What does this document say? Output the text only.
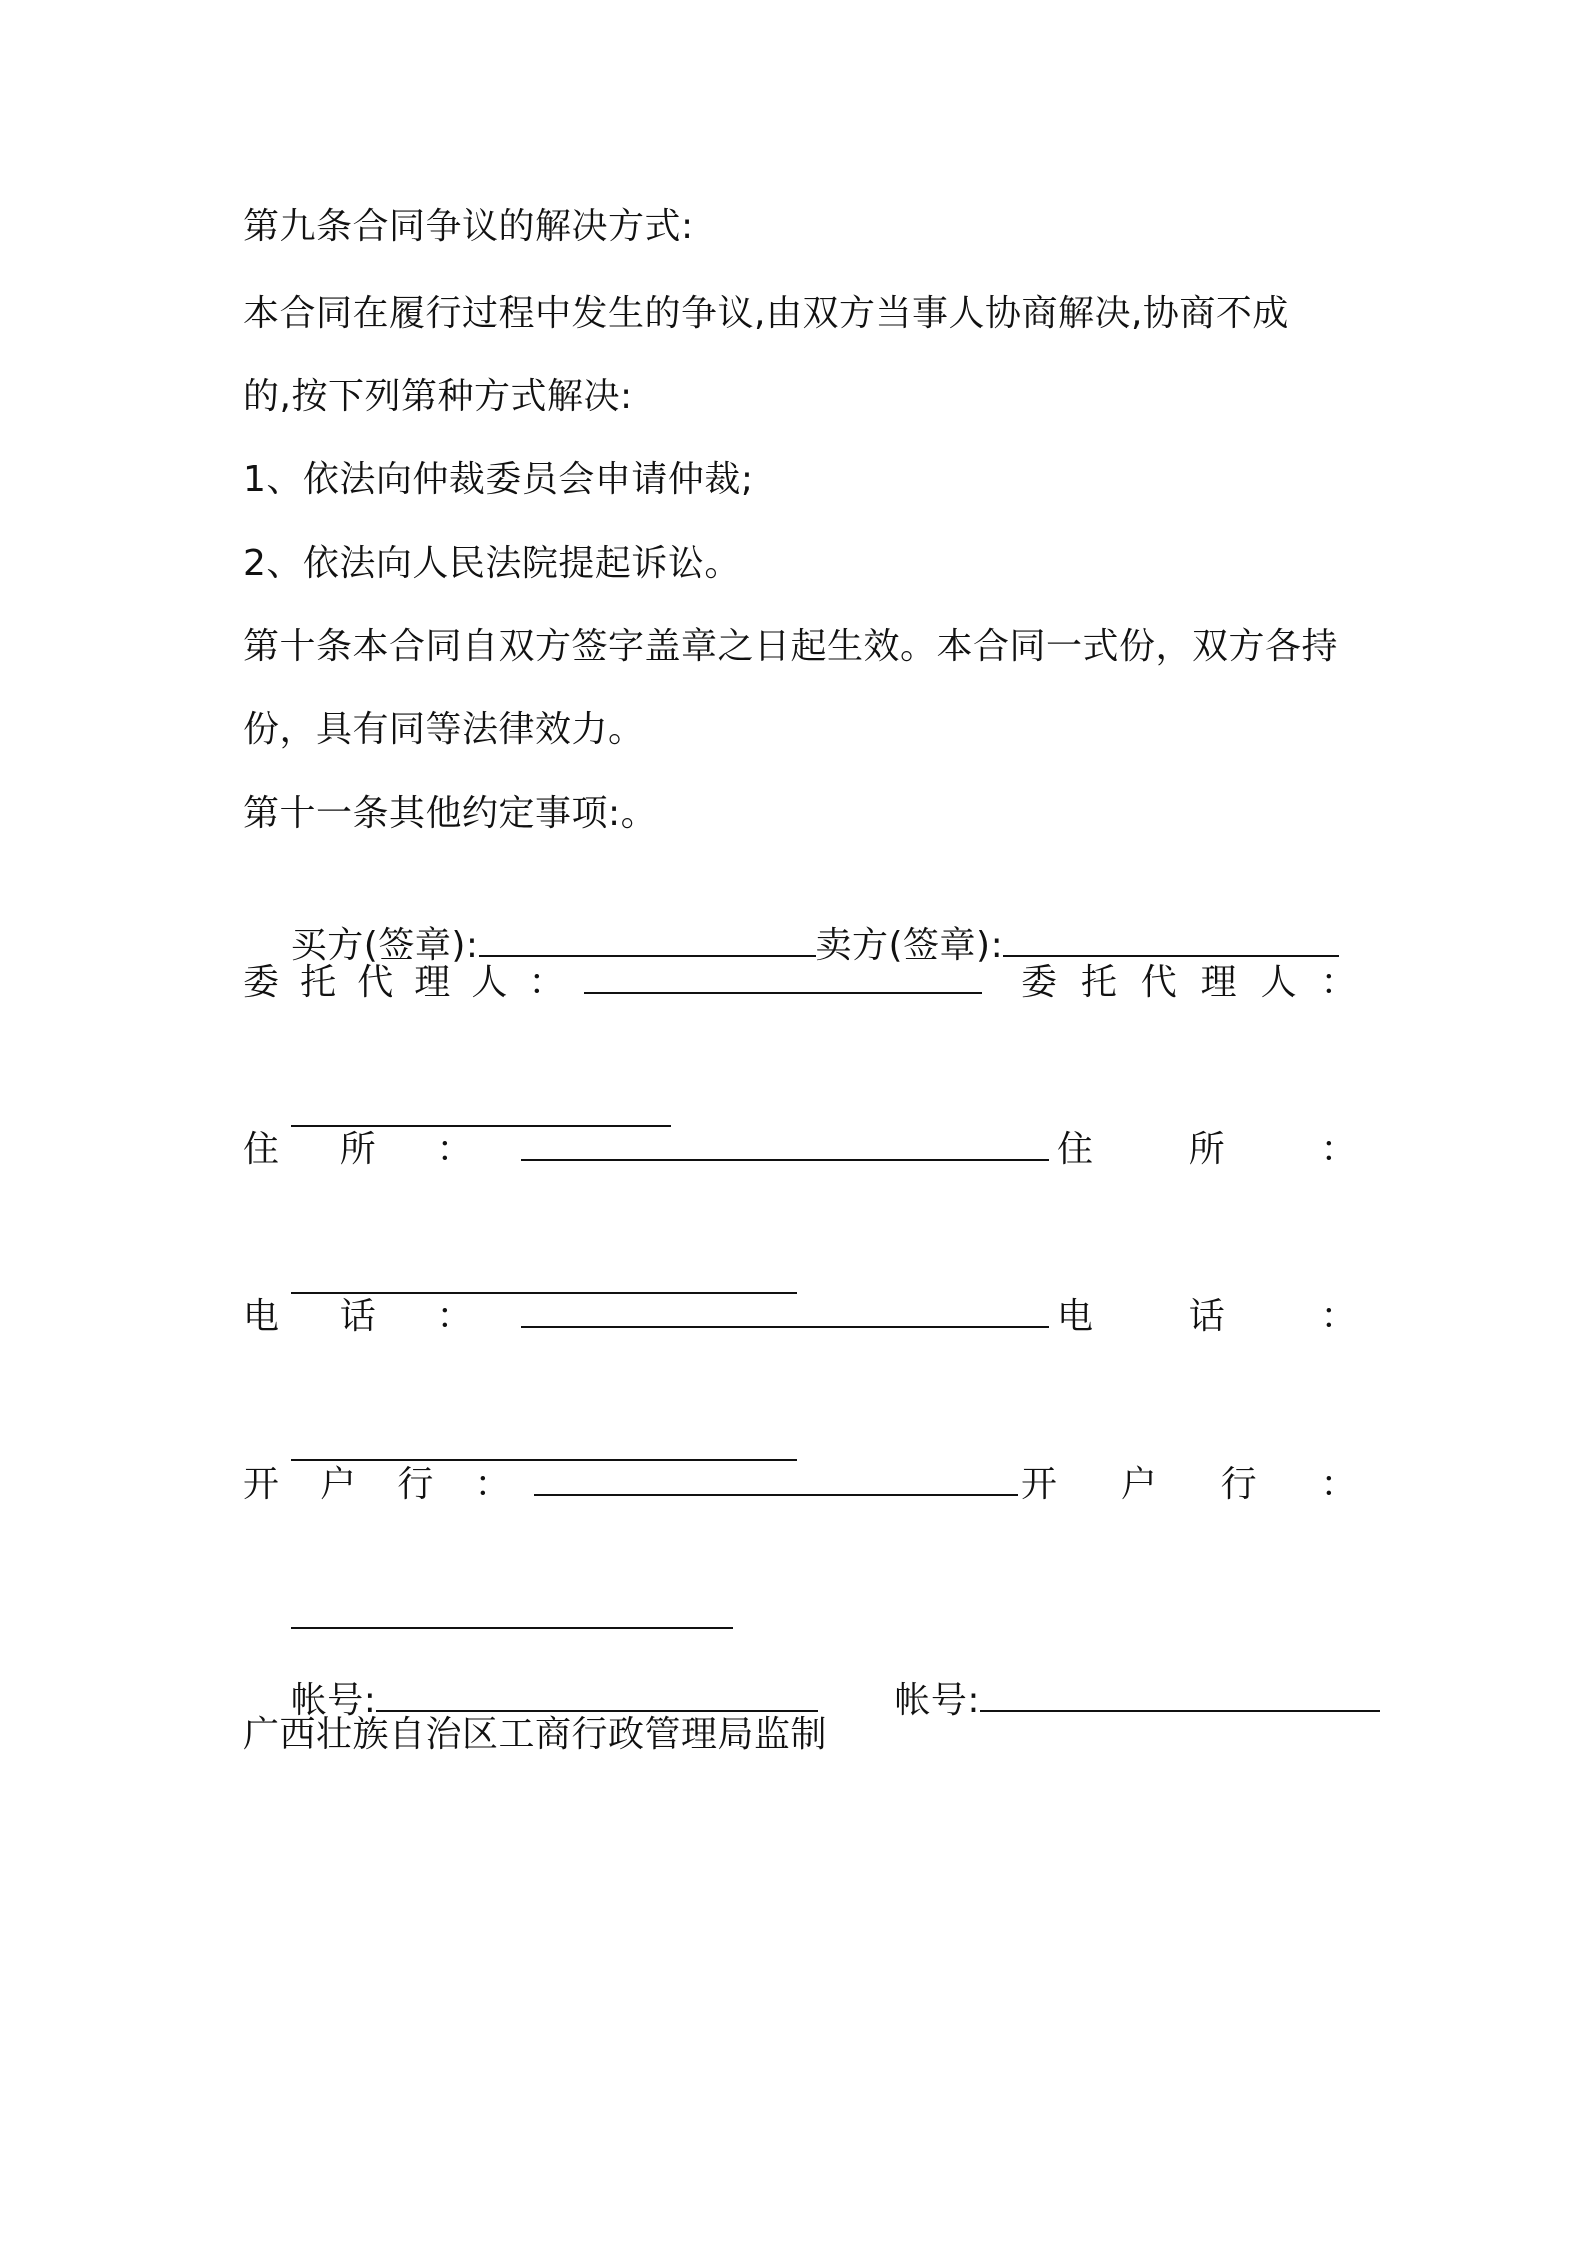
第九条合同争议的解决方式:
本合同在履行过程中发生的争议,由双方当事人协商解决,协商不成
的,按下列第种方式解决:
1、依法向仲裁委员会申请仲裁;
2、依法向人民法院提起诉讼。
第十条本合同自双方签字盖章之日起生效。本合同一式份，双方各持
份，具有同等法律效力。
第十一条其他约定事项:。

买方(签章):	卖方(签章):

委 托 代 理 人 ：	委 托 代 理 人 ：

住 所 ：	住	所	：

电 话 ：	电	话	：

开 户 行 ：	开 户 行 ：

帐号:	帐号:

广西壮族自治区工商行政管理局监制
